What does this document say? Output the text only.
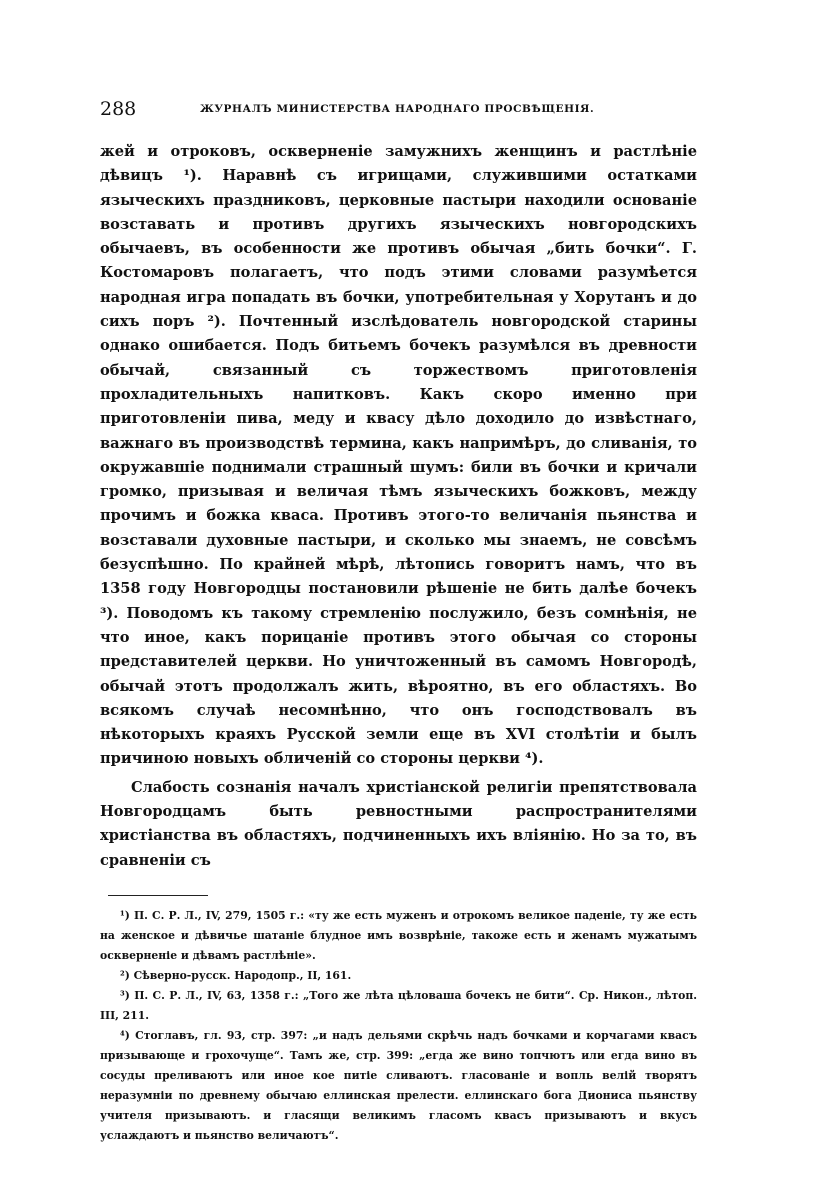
288	ЖУРНАЛЪ МИНИСТЕРСТВА НАРОДНАГО ПРОСВѢЩЕНІЯ.

жей и отроковъ, оскверненіе замужнихъ женщинъ и растлѣніе дѣвицъ ¹). Наравнѣ съ игрищами, служившими остатками языческихъ праздниковъ, церковные пастыри находили основаніе возставать и противъ другихъ языческихъ новгородскихъ обычаевъ, въ особенности же противъ обычая „бить бочки“. Г. Костомаровъ полагаетъ, что подъ этими словами разумѣется народная игра попадать въ бочки, употребительная у Хорутанъ и до сихъ поръ ²). Почтенный изслѣдователь новгородской старины однако ошибается. Подъ битьемъ бочекъ разумѣлся въ древности обычай, связанный съ торжествомъ приготовленія прохладительныхъ напитковъ. Какъ скоро именно при приготовленіи пива, меду и квасу дѣло доходило до извѣстнаго, важнаго въ производствѣ термина, какъ напримѣръ, до сливанія, то окружавшіе поднимали страшный шумъ: били въ бочки и кричали громко, призывая и величая тѣмъ языческихъ божковъ, между прочимъ и божка кваса. Противъ этого-то величанія пьянства и возставали духовные пастыри, и сколько мы знаемъ, не совсѣмъ безуспѣшно. По крайней мѣрѣ, лѣтопись говоритъ намъ, что въ 1358 году Новгородцы постановили рѣшеніе не бить далѣе бочекъ ³). Поводомъ къ такому стремленію послужило, безъ сомнѣнія, не что иное, какъ порицаніе противъ этого обычая со стороны представителей церкви. Но уничтоженный въ самомъ Новгородѣ, обычай этотъ продолжалъ жить, вѣроятно, въ его областяхъ. Во всякомъ случаѣ несомнѣнно, что онъ господствовалъ въ нѣкоторыхъ краяхъ Русской земли еще въ XVI столѣтіи и былъ причиною новыхъ обличеній со стороны церкви ⁴).

Слабость сознанія началъ христіанской религіи препятствовала Новгородцамъ быть ревностными распространителями христіанства въ областяхъ, подчиненныхъ ихъ вліянію. Но за то, въ сравненіи съ

¹) П. С. Р. Л., IV, 279, 1505 г.: «ту же есть муженъ и отрокомъ великое паденіе, ту же есть на женское и дѣвичье шатаніе блудное имъ возврѣніе, такоже есть и женамъ мужатымъ оскверненіе и дѣвамъ растлѣніе».

²) Сѣверно-русск. Народопр., II, 161.

³) П. С. Р. Л., IV, 63, 1358 г.: „Того же лѣта цѣловаша бочекъ не бити“. Ср. Никон., лѣтоп. III, 211.

⁴) Стоглавъ, гл. 93, стр. 397: „и надъ дельями скрѣчь надъ бочками и корчагами квасъ призывающе и грохочуще“. Тамъ же, стр. 399: „егда же вино топчютъ или егда вино въ сосуды преливаютъ или иное кое питіе сливаютъ. гласованіе и вопль велій творятъ неразумніи по древнему обычаю еллинская прелести. еллинскаго бога Диониса пьянству учителя призываютъ. и гласящи великимъ гласомъ квасъ призываютъ и вкусъ услаждаютъ и пьянство величаютъ“.
